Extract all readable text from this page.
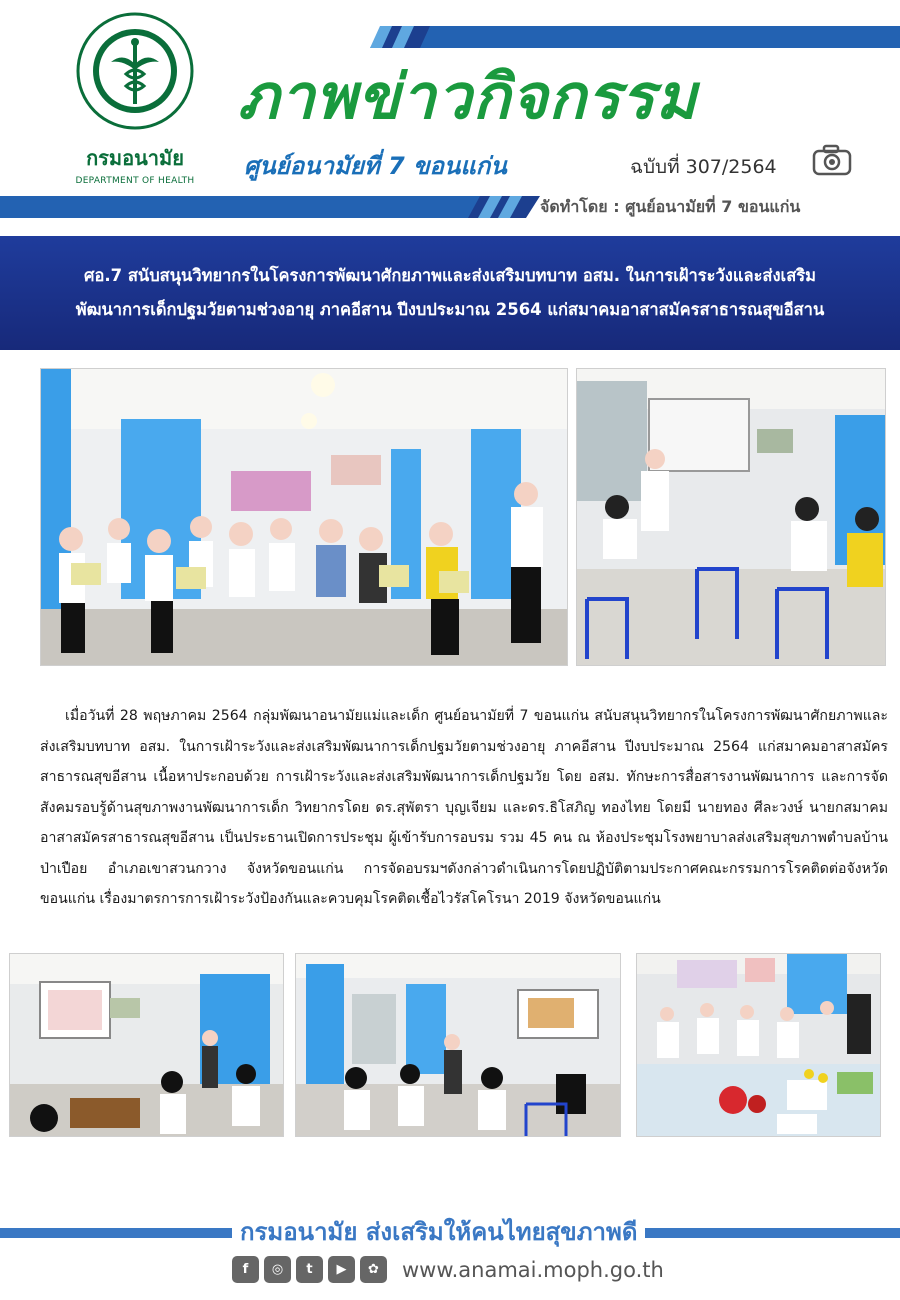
กรมอนามัย
DEPARTMENT OF HEALTH
ภาพข่าวกิจกรรม
ศูนย์อนามัยที่ 7 ขอนแก่น	ฉบับที่ 307/2564
จัดทำโดย : ศูนย์อนามัยที่ 7 ขอนแก่น
ศอ.7 สนับสนุนวิทยากรในโครงการพัฒนาศักยภาพและส่งเสริมบทบาท อสม. ในการเฝ้าระวังและส่งเสริม
พัฒนาการเด็กปฐมวัยตามช่วงอายุ ภาคอีสาน ปีงบประมาณ 2564 แก่สมาคมอาสาสมัครสาธารณสุขอีสาน
เมื่อวันที่ 28 พฤษภาคม 2564 กลุ่มพัฒนาอนามัยแม่และเด็ก ศูนย์อนามัยที่ 7 ขอนแก่น สนับสนุนวิทยากรในโครงการพัฒนาศักยภาพและส่งเสริมบทบาท อสม. ในการเฝ้าระวังและส่งเสริมพัฒนาการเด็กปฐมวัยตามช่วงอายุ ภาคอีสาน ปีงบประมาณ 2564 แก่สมาคมอาสาสมัครสาธารณสุขอีสาน เนื้อหาประกอบด้วย การเฝ้าระวังและส่งเสริมพัฒนาการเด็กปฐมวัย โดย อสม. ทักษะการสื่อสารงานพัฒนาการ และการจัดสังคมรอบรู้ด้านสุขภาพงานพัฒนาการเด็ก วิทยากรโดย ดร.สุพัตรา บุญเจียม และดร.ธิโสภิญ ทองไทย โดยมี นายทอง ศีละวงษ์ นายกสมาคมอาสาสมัครสาธารณสุขอีสาน เป็นประธานเปิดการประชุม ผู้เข้ารับการอบรม รวม 45 คน ณ ห้องประชุมโรงพยาบาลส่งเสริมสุขภาพตำบลบ้านป่าเปือย อำเภอเขาสวนกวาง จังหวัดขอนแก่น การจัดอบรมฯดังกล่าวดำเนินการโดยปฏิบัติตามประกาศคณะกรรมการโรคติดต่อจังหวัดขอนแก่น เรื่องมาตรการการเฝ้าระวังป้องกันและควบคุมโรคติดเชื้อไวรัสโคโรนา 2019 จังหวัดขอนแก่น
กรมอนามัย ส่งเสริมให้คนไทยสุขภาพดี
f	◎	t	▶	✿	www.anamai.moph.go.th
